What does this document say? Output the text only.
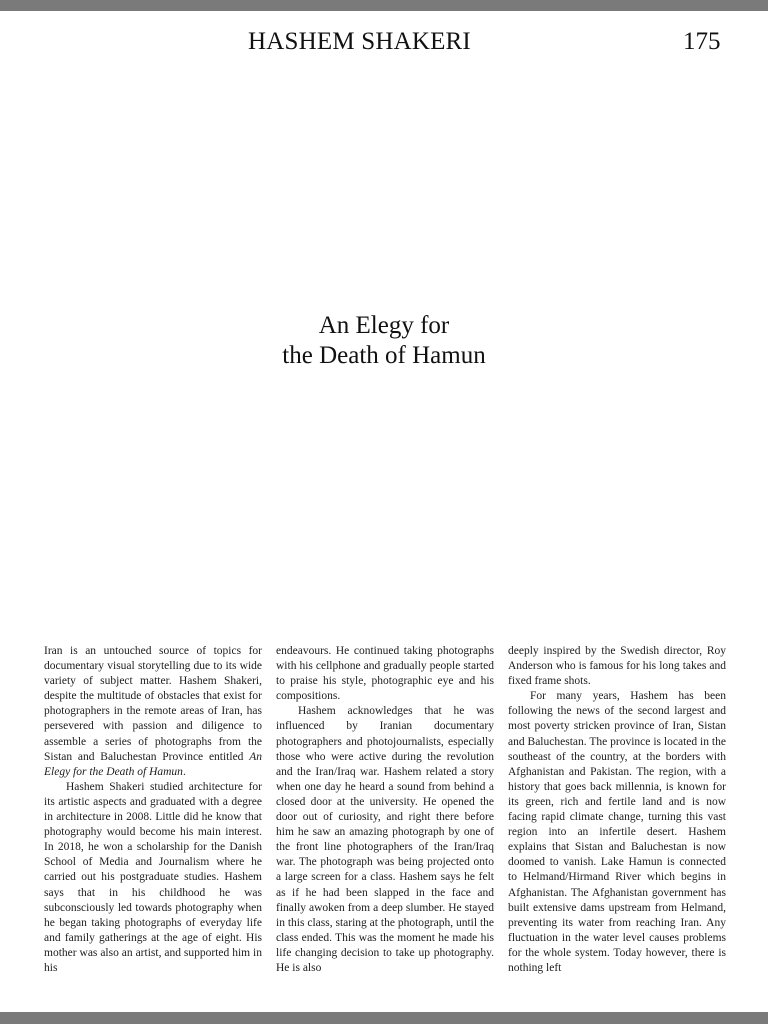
HASHEM SHAKERI	175
An Elegy for
the Death of Hamun

Iran is an untouched source of topics for documentary visual storytelling due to its wide variety of subject matter. Hashem Shakeri, despite the multitude of obstacles that exist for photographers in the remote areas of Iran, has persevered with passion and diligence to assemble a series of photographs from the Sistan and Baluchestan Province entitled An Elegy for the Death of Hamun.

Hashem Shakeri studied architecture for its artistic aspects and graduated with a degree in architecture in 2008. Little did he know that photography would become his main interest. In 2018, he won a scholarship for the Danish School of Media and Journalism where he carried out his postgraduate studies. Hashem says that in his childhood he was subconsciously led towards photography when he began taking photographs of everyday life and family gatherings at the age of eight. His mother was also an artist, and supported him in his

endeavours. He continued taking photographs with his cellphone and gradually people started to praise his style, photographic eye and his compositions.

Hashem acknowledges that he was influenced by Iranian documentary photographers and photojournalists, especially those who were active during the revolution and the Iran/Iraq war. Hashem related a story when one day he heard a sound from behind a closed door at the university. He opened the door out of curiosity, and right there before him he saw an amazing photograph by one of the front line photographers of the Iran/Iraq war. The photograph was being projected onto a large screen for a class. Hashem says he felt as if he had been slapped in the face and finally awoken from a deep slumber. He stayed in this class, staring at the photograph, until the class ended. This was the moment he made his life changing decision to take up photography. He is also

deeply inspired by the Swedish director, Roy Anderson who is famous for his long takes and fixed frame shots.

For many years, Hashem has been following the news of the second largest and most poverty stricken province of Iran, Sistan and Baluchestan. The province is located in the southeast of the country, at the borders with Afghanistan and Pakistan. The region, with a history that goes back millennia, is known for its green, rich and fertile land and is now facing rapid climate change, turning this vast region into an infertile desert. Hashem explains that Sistan and Baluchestan is now doomed to vanish. Lake Hamun is connected to Helmand/Hirmand River which begins in Afghanistan. The Afghanistan government has built extensive dams upstream from Helmand, preventing its water from reaching Iran. Any fluctuation in the water level causes problems for the whole system. Today however, there is nothing left
